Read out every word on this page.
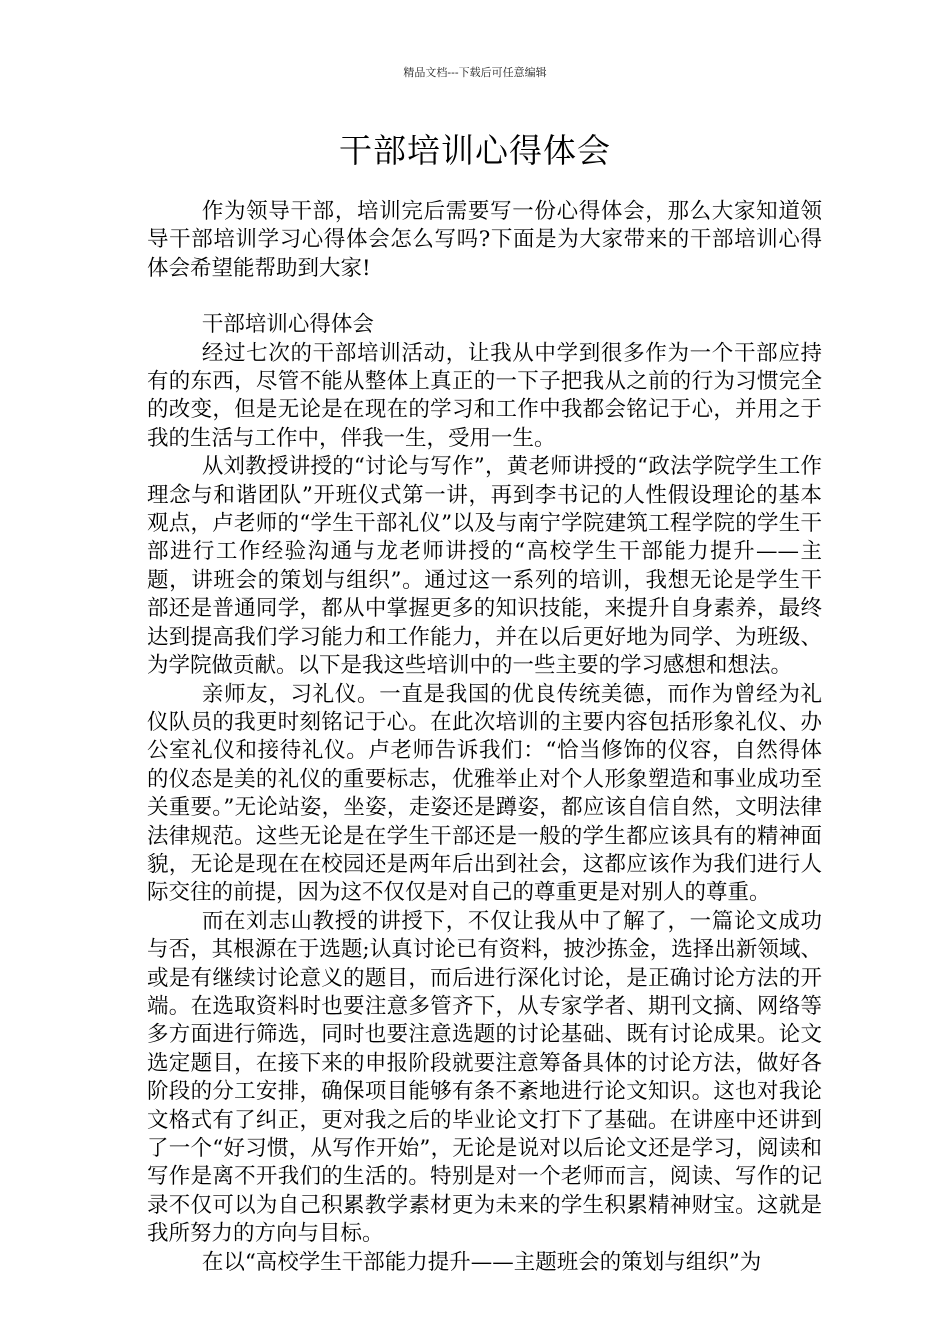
精品文档---下载后可任意编辑
干部培训心得体会

作为领导干部，培训完后需要写一份心得体会，那么大家知道领导干部培训学习心得体会怎么写吗?下面是为大家带来的干部培训心得体会希望能帮助到大家!

干部培训心得体会

经过七次的干部培训活动，让我从中学到很多作为一个干部应持有的东西，尽管不能从整体上真正的一下子把我从之前的行为习惯完全的改变，但是无论是在现在的学习和工作中我都会铭记于心，并用之于我的生活与工作中，伴我一生，受用一生。

从刘教授讲授的“讨论与写作”，黄老师讲授的“政法学院学生工作理念与和谐团队”开班仪式第一讲，再到李书记的人性假设理论的基本观点，卢老师的“学生干部礼仪”以及与南宁学院建筑工程学院的学生干部进行工作经验沟通与龙老师讲授的“高校学生干部能力提升——主题，讲班会的策划与组织”。通过这一系列的培训，我想无论是学生干部还是普通同学，都从中掌握更多的知识技能，来提升自身素养，最终达到提高我们学习能力和工作能力，并在以后更好地为同学、为班级、为学院做贡献。以下是我这些培训中的一些主要的学习感想和想法。

亲师友，习礼仪。一直是我国的优良传统美德，而作为曾经为礼仪队员的我更时刻铭记于心。在此次培训的主要内容包括形象礼仪、办公室礼仪和接待礼仪。卢老师告诉我们：“恰当修饰的仪容，自然得体的仪态是美的礼仪的重要标志，优雅举止对个人形象塑造和事业成功至关重要。”无论站姿，坐姿，走姿还是蹲姿，都应该自信自然，文明法律法律规范。这些无论是在学生干部还是一般的学生都应该具有的精神面貌，无论是现在在校园还是两年后出到社会，这都应该作为我们进行人际交往的前提，因为这不仅仅是对自己的尊重更是对别人的尊重。

而在刘志山教授的讲授下，不仅让我从中了解了，一篇论文成功与否，其根源在于选题;认真讨论已有资料，披沙拣金，选择出新领域、或是有继续讨论意义的题目，而后进行深化讨论，是正确讨论方法的开端。在选取资料时也要注意多管齐下，从专家学者、期刊文摘、网络等多方面进行筛选，同时也要注意选题的讨论基础、既有讨论成果。论文选定题目，在接下来的申报阶段就要注意筹备具体的讨论方法，做好各阶段的分工安排，确保项目能够有条不紊地进行论文知识。这也对我论文格式有了纠正，更对我之后的毕业论文打下了基础。在讲座中还讲到了一个“好习惯，从写作开始”，无论是说对以后论文还是学习，阅读和写作是离不开我们的生活的。特别是对一个老师而言，阅读、写作的记录不仅可以为自己积累教学素材更为未来的学生积累精神财宝。这就是我所努力的方向与目标。

在以“高校学生干部能力提升——主题班会的策划与组织”为
